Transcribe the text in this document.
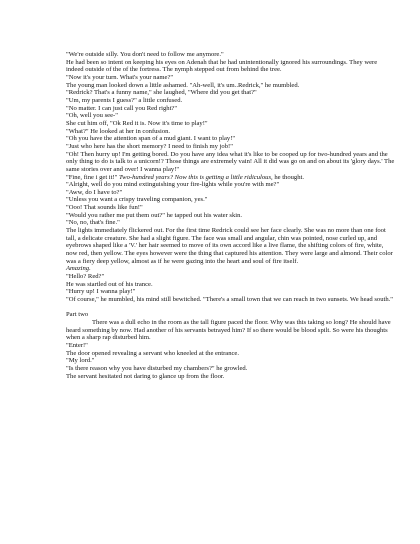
"We're outside silly. You don't need to follow me anymore."

He had been so intent on keeping his eyes on Adenah that he had unintentionally ignored his surroundings. They were indeed outside of the of the fortress. The nymph stepped out from behind the tree.

"Now it's your turn. What's your name?"

The young man looked down a little ashamed. "Ah-well, it's um..Redrick," he mumbled.

"Redrick? That's a funny name," she laughed, "Where did you get that?"

"Um, my parents I guess?" a little confused.

"No matter. I can just call you Red right?"

"Oh, well you see-"

She cut him off, "Ok Red it is. Now it's time to play!"

"What?" He looked at her in confusion.

"Oh you have the attention span of a mud giant. I want to play!"

"Just who here has the short memory? I need to finish my job!"

"Oh! Then hurry up! I'm getting bored. Do you have any idea what it's like to be cooped up for two-hundred years and the only thing to do is talk to a unicorn!? Those things are extremely vain! All it did was go on and on about its 'glory days.' The same stories over and over! I wanna play!"

"Fine, fine i get it!" Two-hundred years? Now this is getting a little ridiculous, he thought.

"Alright, well do you mind extinguishing your fire-lights while you're with me?"

"Aww, do I have to?"

"Unless you want a crispy traveling companion, yes."

"Ooo! That sounds like fun!"

"Would you rather me put them out?" he tapped out his water skin.

"No, no, that's fine."

The lights immediately flickered out. For the first time Redrick could see her face clearly. She was no more than one foot tall, a delicate creature. She had a slight figure. The face was small and angular, chin was pointed, nose curled up, and eyebrows shaped like a 'V.' her hair seemed to move of its own accord like a live flame, the shifting colors of fire, white, now red, then yellow. The eyes however were the thing that captured his attention. They were large and almond. Their color was a fiery deep yellow, almost as if he were gazing into the heart and soul of fire itself.

Amazing.

"Hello? Red?"

He was startled out of his trance.

"Hurry up! I wanna play!"

"Of course," he mumbled, his mind still bewitched. "There's a small town that we can reach in two sunsets. We head south."

Part two

There was a dull echo in the room as the tall figure paced the floor. Why was this taking so long? He should have heard something by now. Had another of his servants betrayed him? If so there would be blood spilt. So were his thoughts when a sharp rap disturbed him.

"Enter!"

The door opened revealing a servant who kneeled at the entrance.

"My lord."

"Is there reason why you have disturbed my chambers?" he growled.

The servant hesitated not daring to glance up from the floor.
